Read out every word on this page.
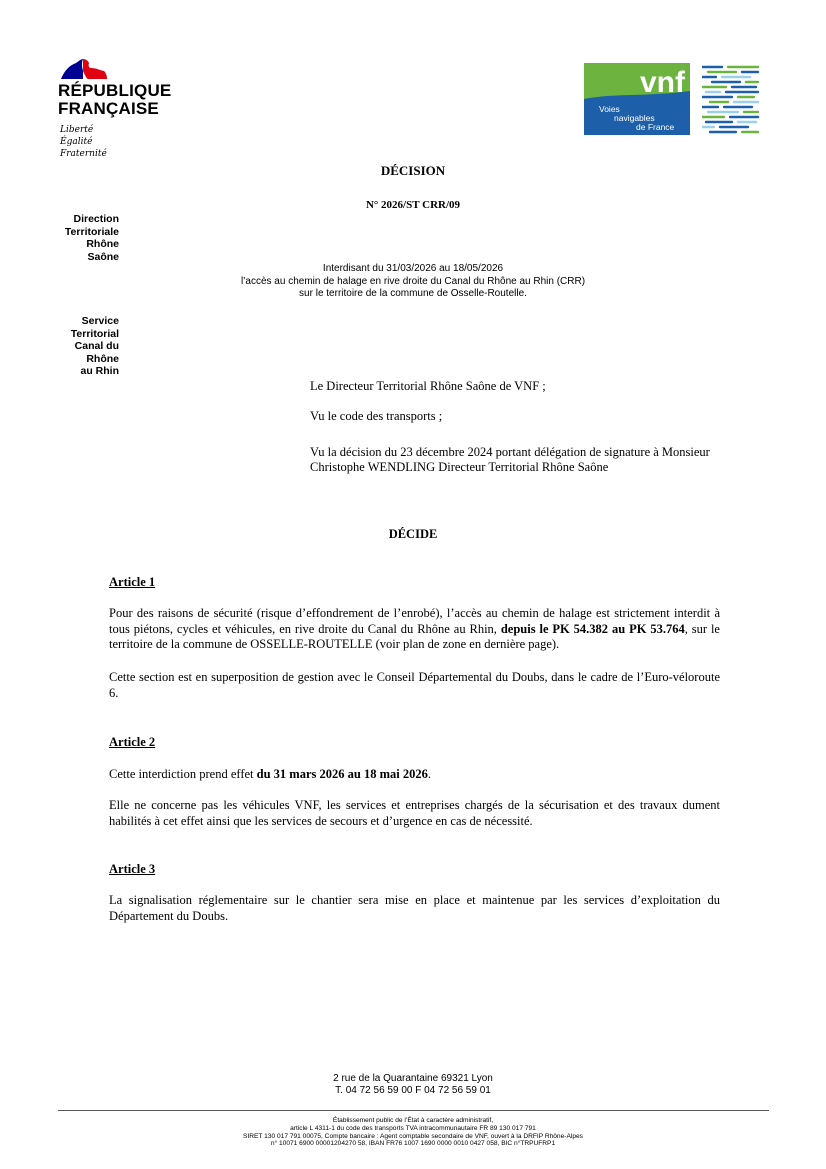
RÉPUBLIQUE
FRANÇAISE
Liberté
Égalité
Fraternité
vnf
Voies
navigables
de France
DÉCISION
N° 2026/ST CRR/09
Direction
Territoriale
Rhône
Saône
Service
Territorial
Canal du
Rhône
au Rhin
Interdisant du 31/03/2026 au 18/05/2026
l’accès au chemin de halage en rive droite du Canal du Rhône au Rhin (CRR)
sur le territoire de la commune de Osselle-Routelle.
Le Directeur Territorial Rhône Saône de VNF ;
Vu le code des transports ;
Vu la décision du 23 décembre 2024 portant délégation de signature à Monsieur Christophe WENDLING Directeur Territorial Rhône Saône
DÉCIDE
Article 1
Pour des raisons de sécurité (risque d’effondrement de l’enrobé), l’accès au chemin de halage est strictement interdit à tous piétons, cycles et véhicules, en rive droite du Canal du Rhône au Rhin, depuis le PK 54.382 au PK 53.764, sur le territoire de la commune de OSSELLE-ROUTELLE (voir plan de zone en dernière page).
Cette section est en superposition de gestion avec le Conseil Départemental du Doubs, dans le cadre de l’Euro-véloroute 6.
Article 2
Cette interdiction prend effet du 31 mars 2026 au 18 mai 2026.
Elle ne concerne pas les véhicules VNF, les services et entreprises chargés de la sécurisation et des travaux dument habilités à cet effet ainsi que les services de secours et d’urgence en cas de nécessité.
Article 3
La signalisation réglementaire sur le chantier sera mise en place et maintenue par les services d’exploitation du Département du Doubs.
2 rue de la Quarantaine 69321 Lyon
T. 04 72 56 59 00 F 04 72 56 59 01
Établissement public de l’État à caractère administratif,
article L 4311-1 du code des transports TVA intracommunautaire FR 89 130 017 791
SIRET 130 017 791 00075, Compte bancaire : Agent comptable secondaire de VNF, ouvert à la DRFIP Rhône-Alpes
n° 10071 6900 00001204270 58, IBAN FR76 1007 1690 0000 0010 0427 058, BIC n°TRPUFRP1
